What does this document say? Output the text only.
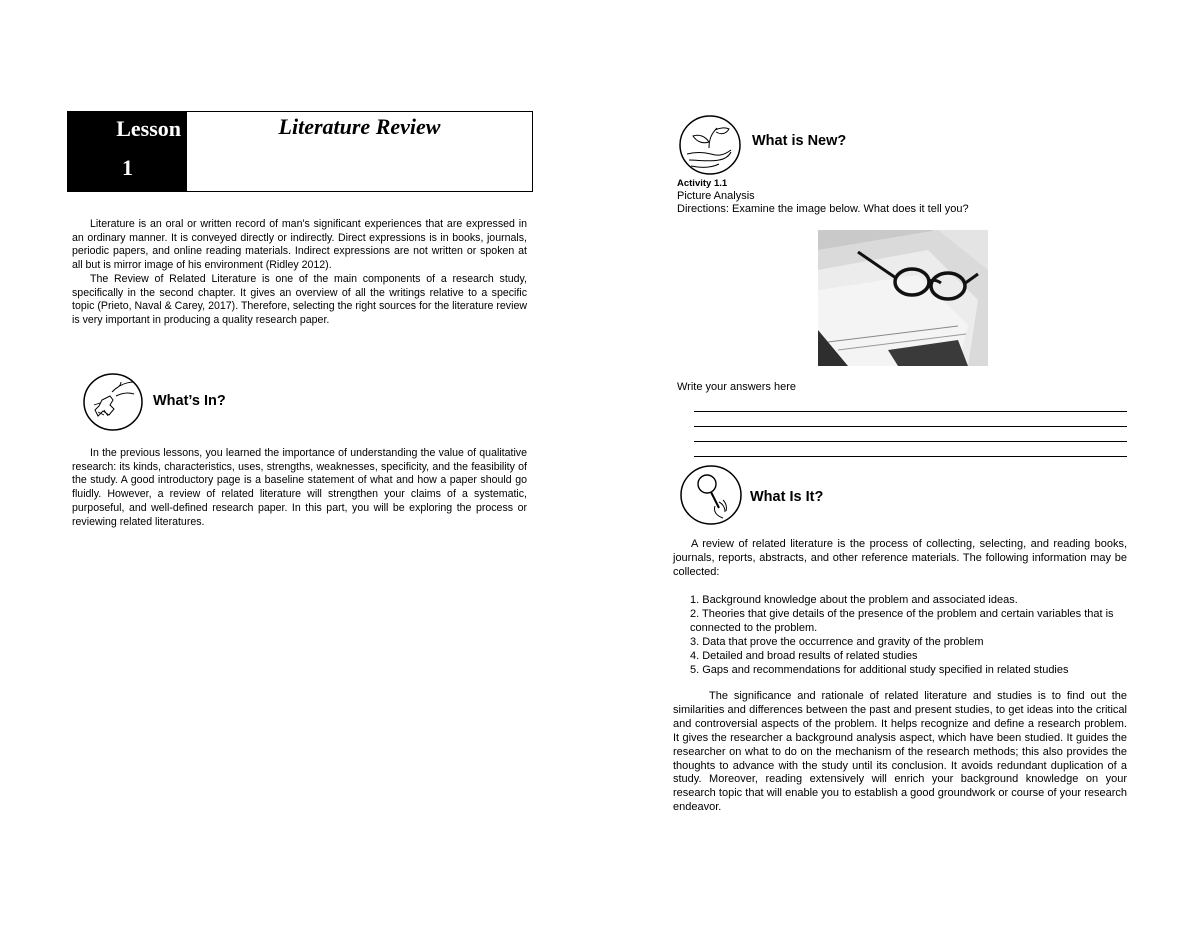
Lesson
1
Literature Review

Literature is an oral or written record of man's significant experiences that are expressed in an ordinary manner. It is conveyed directly or indirectly. Direct expressions is in books, journals, periodic papers, and online reading materials. Indirect expressions are not written or spoken at all but is mirror image of his environment (Ridley 2012).

The Review of Related Literature is one of the main components of a research study, specifically in the second chapter. It gives an overview of all the writings relative to a specific topic (Prieto, Naval & Carey, 2017). Therefore, selecting the right sources for the literature review is very important in producing a quality research paper.

What’s In?

In the previous lessons, you learned the importance of understanding the value of qualitative research: its kinds, characteristics, uses, strengths, weaknesses, specificity, and the feasibility of the study. A good introductory page is a baseline statement of what and how a paper should go fluidly. However, a review of related literature will strengthen your claims of a systematic, purposeful, and well-defined research paper. In this part, you will be exploring the process or reviewing related literatures.

What is New?
Activity 1.1
Picture Analysis
Directions: Examine the image below. What does it tell you?
Write your answers here
What Is It?

A review of related literature is the process of collecting, selecting, and reading books, journals, reports, abstracts, and other reference materials. The following information may be collected:

1. Background knowledge about the problem and associated ideas.
2. Theories that give details of the presence of the problem and certain variables that is connected to the problem.
3. Data that prove the occurrence and gravity of the problem
4. Detailed and broad results of related studies
5. Gaps and recommendations for additional study specified in related studies

The significance and rationale of related literature and studies is to find out the similarities and differences between the past and present studies, to get ideas into the critical and controversial aspects of the problem. It helps recognize and define a research problem. It gives the researcher a background analysis aspect, which have been studied. It guides the researcher on what to do on the mechanism of the research methods; this also provides the thoughts to advance with the study until its conclusion. It avoids redundant duplication of a study. Moreover, reading extensively will enrich your background knowledge on your research topic that will enable you to establish a good groundwork or course of your research endeavor.
